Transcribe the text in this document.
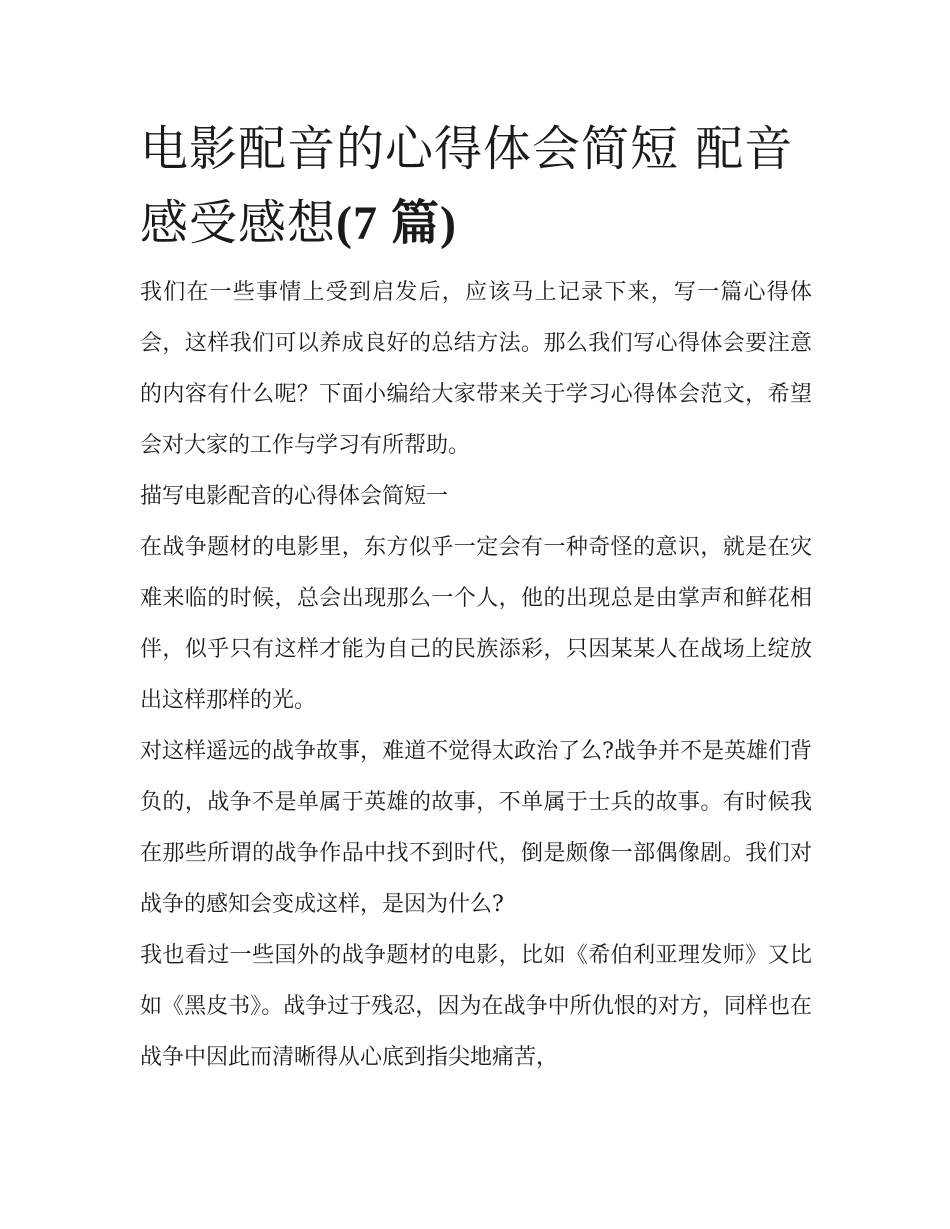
电影配音的心得体会简短 配音感受感想(7 篇)

我们在一些事情上受到启发后，应该马上记录下来，写一篇心得体会，这样我们可以养成良好的总结方法。那么我们写心得体会要注意的内容有什么呢？下面小编给大家带来关于学习心得体会范文，希望会对大家的工作与学习有所帮助。

描写电影配音的心得体会简短一

在战争题材的电影里，东方似乎一定会有一种奇怪的意识，就是在灾难来临的时候，总会出现那么一个人，他的出现总是由掌声和鲜花相伴，似乎只有这样才能为自己的民族添彩，只因某某人在战场上绽放出这样那样的光。

对这样遥远的战争故事，难道不觉得太政治了么?战争并不是英雄们背负的，战争不是单属于英雄的故事，不单属于士兵的故事。有时候我在那些所谓的战争作品中找不到时代，倒是颇像一部偶像剧。我们对战争的感知会变成这样，是因为什么?

我也看过一些国外的战争题材的电影，比如《希伯利亚理发师》又比如《黑皮书》。战争过于残忍，因为在战争中所仇恨的对方，同样也在战争中因此而清晰得从心底到指尖地痛苦，
